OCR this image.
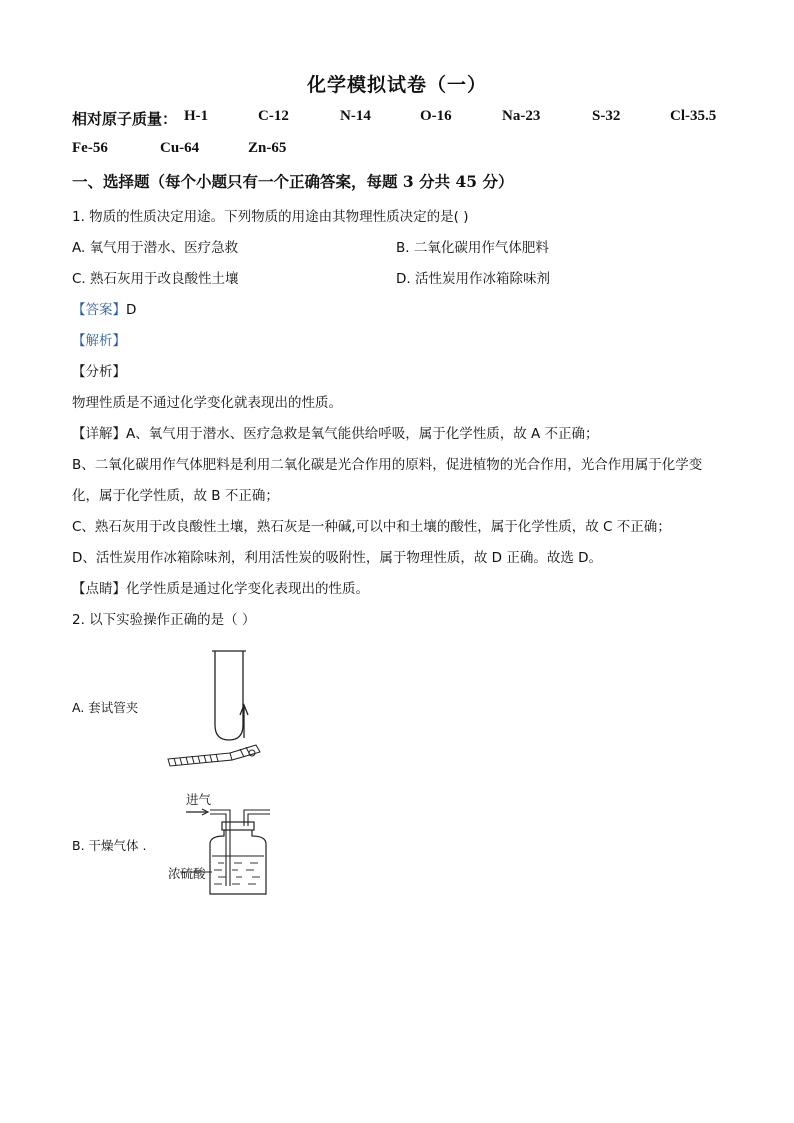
化学模拟试卷（一）
相对原子质量： H-1	C-12	N-14	O-16	Na-23	S-32	Cl-35.5
Fe-56	Cu-64	Zn-65
一、选择题（每个小题只有一个正确答案，每题 3 分共 45 分）
1. 物质的性质决定用途。下列物质的用途由其物理性质决定的是( )
A. 氧气用于潜水、医疗急救	B. 二氧化碳用作气体肥料
C. 熟石灰用于改良酸性土壤	D. 活性炭用作冰箱除味剂
【答案】D
【解析】
【分析】
物理性质是不通过化学变化就表现出的性质。
【详解】A、氧气用于潜水、医疗急救是氧气能供给呼吸，属于化学性质，故 A 不正确；
B、二氧化碳用作气体肥料是利用二氧化碳是光合作用的原料，促进植物的光合作用，光合作用属于化学变
化，属于化学性质，故 B 不正确；
C、熟石灰用于改良酸性土壤，熟石灰是一种碱,可以中和土壤的酸性，属于化学性质，故 C 不正确；
D、活性炭用作冰箱除味剂，利用活性炭的吸附性，属于物理性质，故 D 正确。故选 D。
【点睛】化学性质是通过化学变化表现出的性质。
2. 以下实验操作正确的是（ ）
A. 套试管夹
B. 干燥气体 .
进气
浓硫酸
